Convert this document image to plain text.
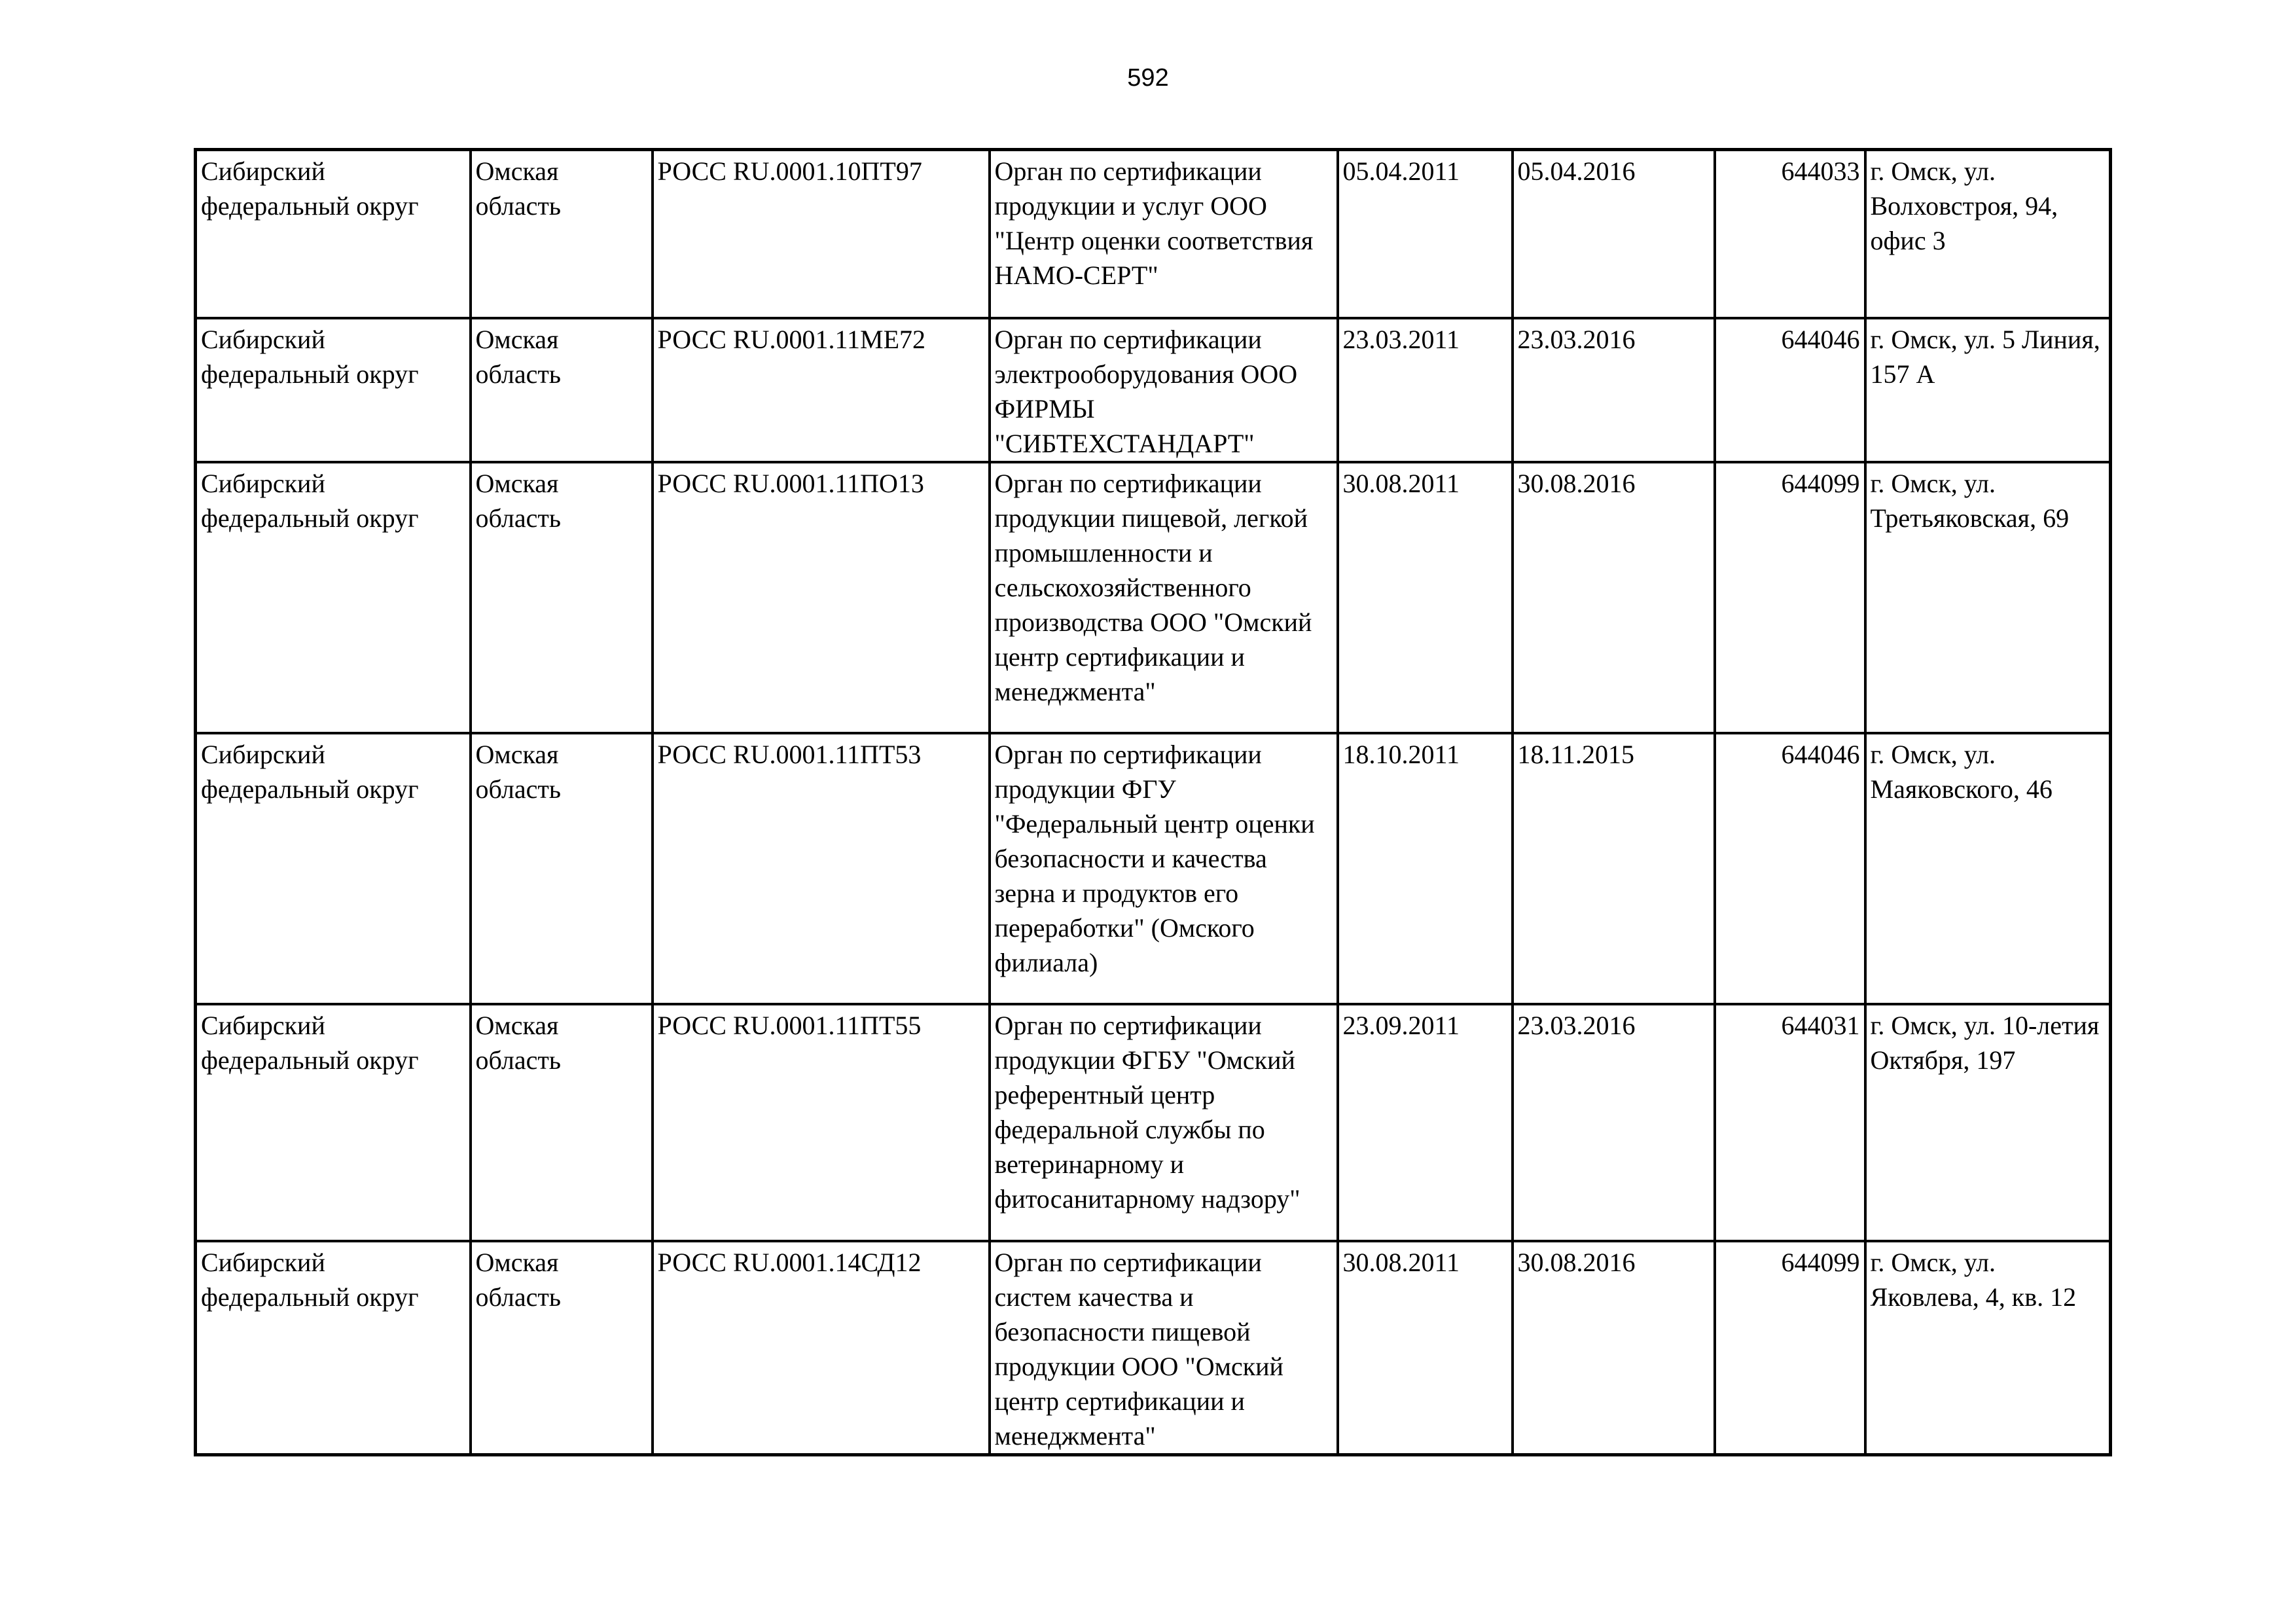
592
Сибирский федеральный округ	Омская область	РОСС RU.0001.10ПТ97	Орган по сертификации продукции и услуг ООО "Центр оценки соответствия НАМО-СЕРТ"	05.04.2011	05.04.2016	644033	г. Омск, ул. Волховстроя, 94, офис 3
Сибирский федеральный округ	Омская область	РОСС RU.0001.11МЕ72	Орган по сертификации электрооборудования ООО ФИРМЫ "СИБТЕХСТАНДАРТ"	23.03.2011	23.03.2016	644046	г. Омск, ул. 5 Линия, 157 А
Сибирский федеральный округ	Омская область	РОСС RU.0001.11ПО13	Орган по сертификации продукции пищевой, легкой промышленности и сельскохозяйственного производства ООО "Омский центр сертификации и менеджмента"	30.08.2011	30.08.2016	644099	г. Омск, ул. Третьяковская, 69
Сибирский федеральный округ	Омская область	РОСС RU.0001.11ПТ53	Орган по сертификации продукции ФГУ "Федеральный центр оценки безопасности и качества зерна и продуктов его переработки" (Омского филиала)	18.10.2011	18.11.2015	644046	г. Омск, ул. Маяковского, 46
Сибирский федеральный округ	Омская область	РОСС RU.0001.11ПТ55	Орган по сертификации продукции ФГБУ "Омский референтный центр федеральной службы по ветеринарному и фитосанитарному надзору"	23.09.2011	23.03.2016	644031	г. Омск, ул. 10-летия Октября, 197
Сибирский федеральный округ	Омская область	РОСС RU.0001.14СД12	Орган по сертификации систем качества и безопасности пищевой продукции ООО "Омский центр сертификации и менеджмента"	30.08.2011	30.08.2016	644099	г. Омск, ул. Яковлева, 4, кв. 12
